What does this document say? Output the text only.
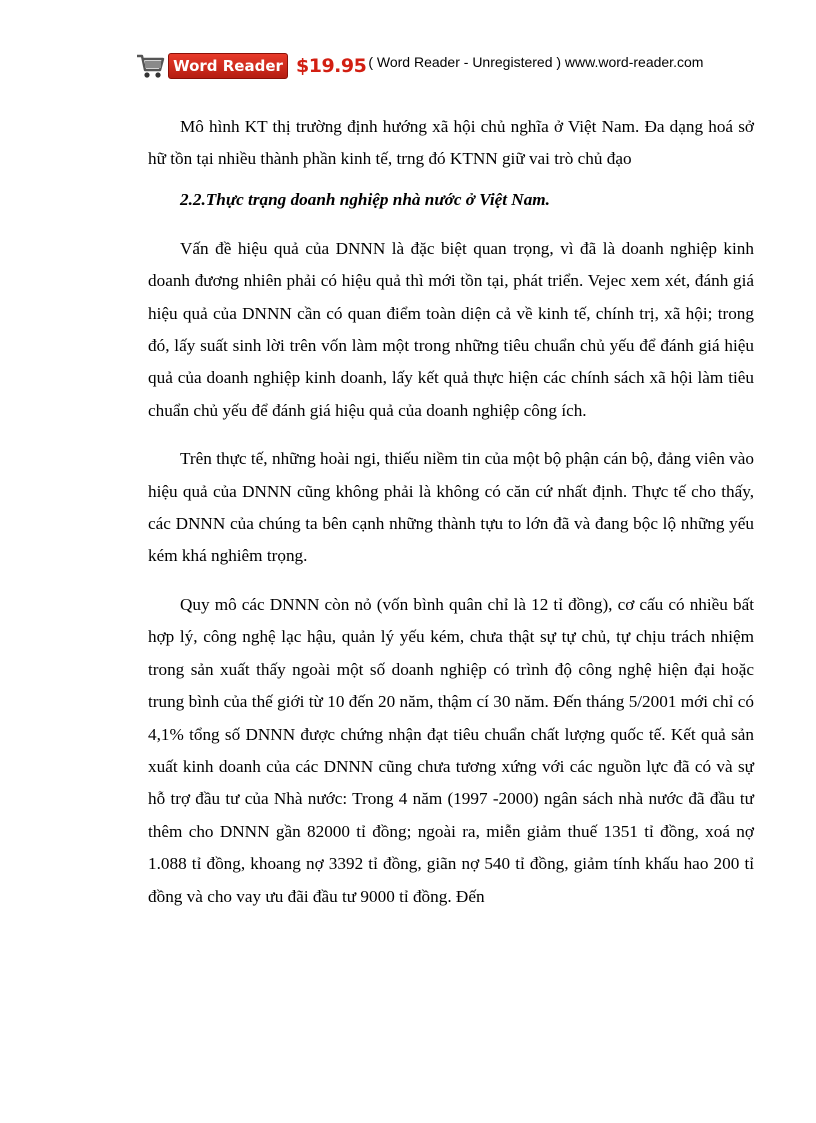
Word Reader $19.95 ( Word Reader - Unregistered ) www.word-reader.com

Mô hình KT thị trường định hướng xã hội chủ nghĩa ở Việt Nam. Đa dạng hoá sở hữ tồn tại nhiều thành phần kinh tế, trng đó KTNN giữ vai trò chủ đạo

2.2.Thực trạng doanh nghiệp nhà nước ở Việt Nam.

Vấn đề hiệu quả của DNNN là đặc biệt quan trọng, vì đã là doanh nghiệp kinh doanh đương nhiên phải có hiệu quả thì mới tồn tại, phát triển. Vejec xem xét, đánh giá hiệu quả của DNNN cần có quan điểm toàn diện cả về kinh tế, chính trị, xã hội; trong đó, lấy suất sinh lời trên vốn làm một trong những tiêu chuẩn chủ yếu để đánh giá hiệu quả của doanh nghiệp kinh doanh, lấy kết quả thực hiện các chính sách xã hội làm tiêu chuẩn chủ yếu để đánh giá hiệu quả của doanh nghiệp công ích.

Trên thực tế, những hoài ngi, thiếu niềm tin của một bộ phận cán bộ, đảng viên vào hiệu quả của DNNN cũng không phải là không có căn cứ nhất định. Thực tế cho thấy, các DNNN của chúng ta bên cạnh những thành tựu to lớn đã và đang bộc lộ những yếu kém khá nghiêm trọng.

Quy mô các DNNN còn nỏ (vốn bình quân chỉ là 12 tỉ đồng), cơ cấu có nhiều bất hợp lý, công nghệ lạc hậu, quản lý yếu kém, chưa thật sự tự chủ, tự chịu trách nhiệm trong sản xuất thấy ngoài một số doanh nghiệp có trình độ công nghệ hiện đại hoặc trung bình của thế giới từ 10 đến 20 năm, thậm cí 30 năm. Đến tháng 5/2001 mới chỉ có 4,1% tổng số DNNN được chứng nhận đạt tiêu chuẩn chất lượng quốc tế. Kết quả sản xuất kinh doanh của các DNNN cũng chưa tương xứng với các nguồn lực đã có và sự hỗ trợ đầu tư của Nhà nước: Trong 4 năm (1997 -2000) ngân sách nhà nước đã đầu tư thêm cho DNNN gần 82000 tỉ đồng; ngoài ra, miễn giảm thuế 1351 tỉ đồng, xoá nợ 1.088 tỉ đồng, khoang nợ 3392 tỉ đồng, giãn nợ 540 tỉ đồng, giảm tính khấu hao 200 tỉ đồng và cho vay ưu đãi đầu tư 9000 tỉ đồng. Đến
